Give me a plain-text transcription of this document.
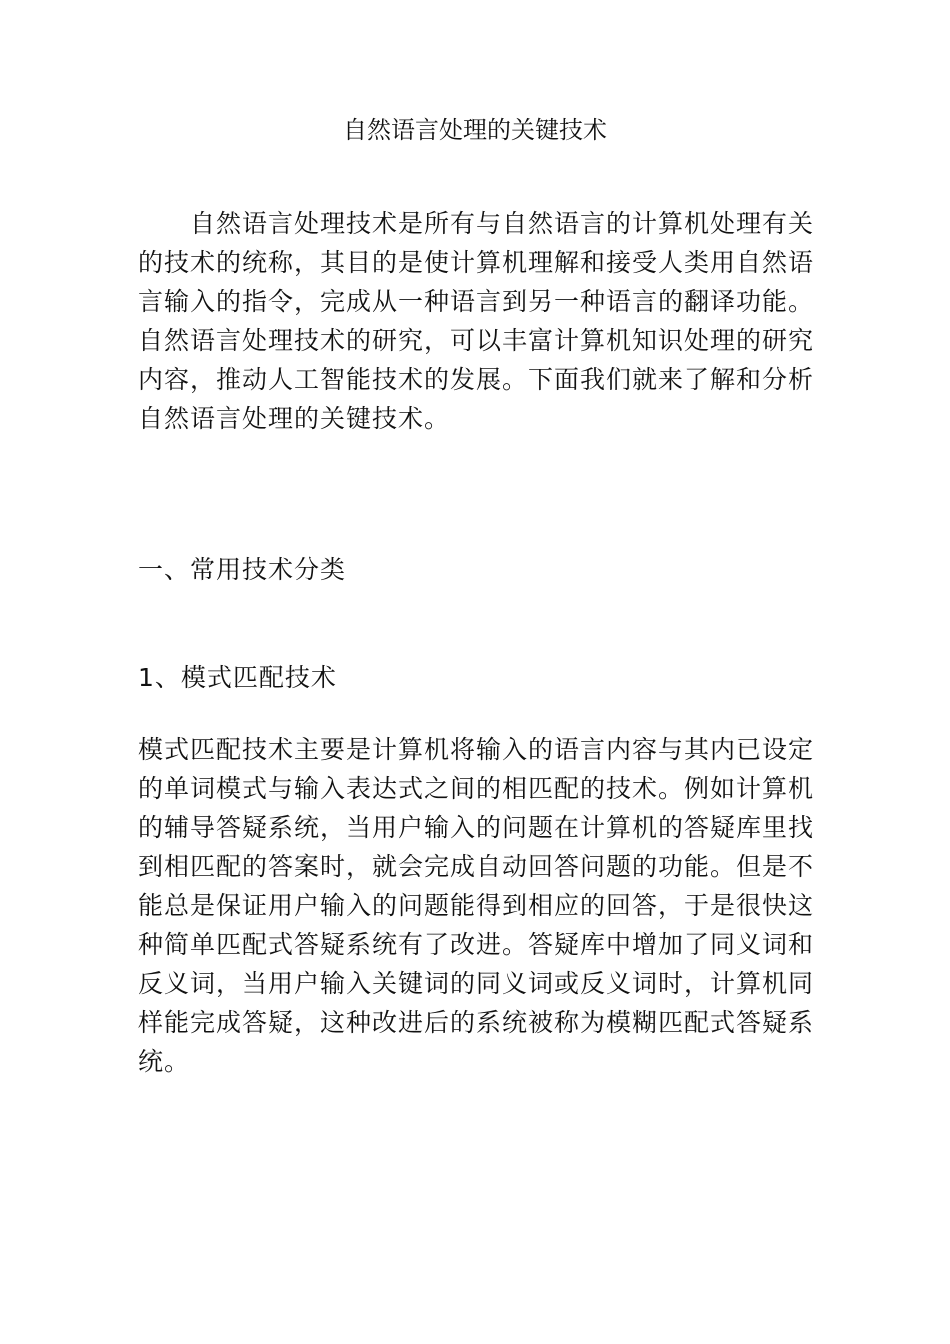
自然语言处理的关键技术
自然语言处理技术是所有与自然语言的计算机处理有关
的技术的统称，其目的是使计算机理解和接受人类用自然语
言输入的指令，完成从一种语言到另一种语言的翻译功能。
自然语言处理技术的研究，可以丰富计算机知识处理的研究
内容，推动人工智能技术的发展。下面我们就来了解和分析
自然语言处理的关键技术。
一、常用技术分类
1、模式匹配技术
模式匹配技术主要是计算机将输入的语言内容与其内已设定
的单词模式与输入表达式之间的相匹配的技术。例如计算机
的辅导答疑系统，当用户输入的问题在计算机的答疑库里找
到相匹配的答案时，就会完成自动回答问题的功能。但是不
能总是保证用户输入的问题能得到相应的回答，于是很快这
种简单匹配式答疑系统有了改进。答疑库中增加了同义词和
反义词，当用户输入关键词的同义词或反义词时，计算机同
样能完成答疑，这种改进后的系统被称为模糊匹配式答疑系
统。
